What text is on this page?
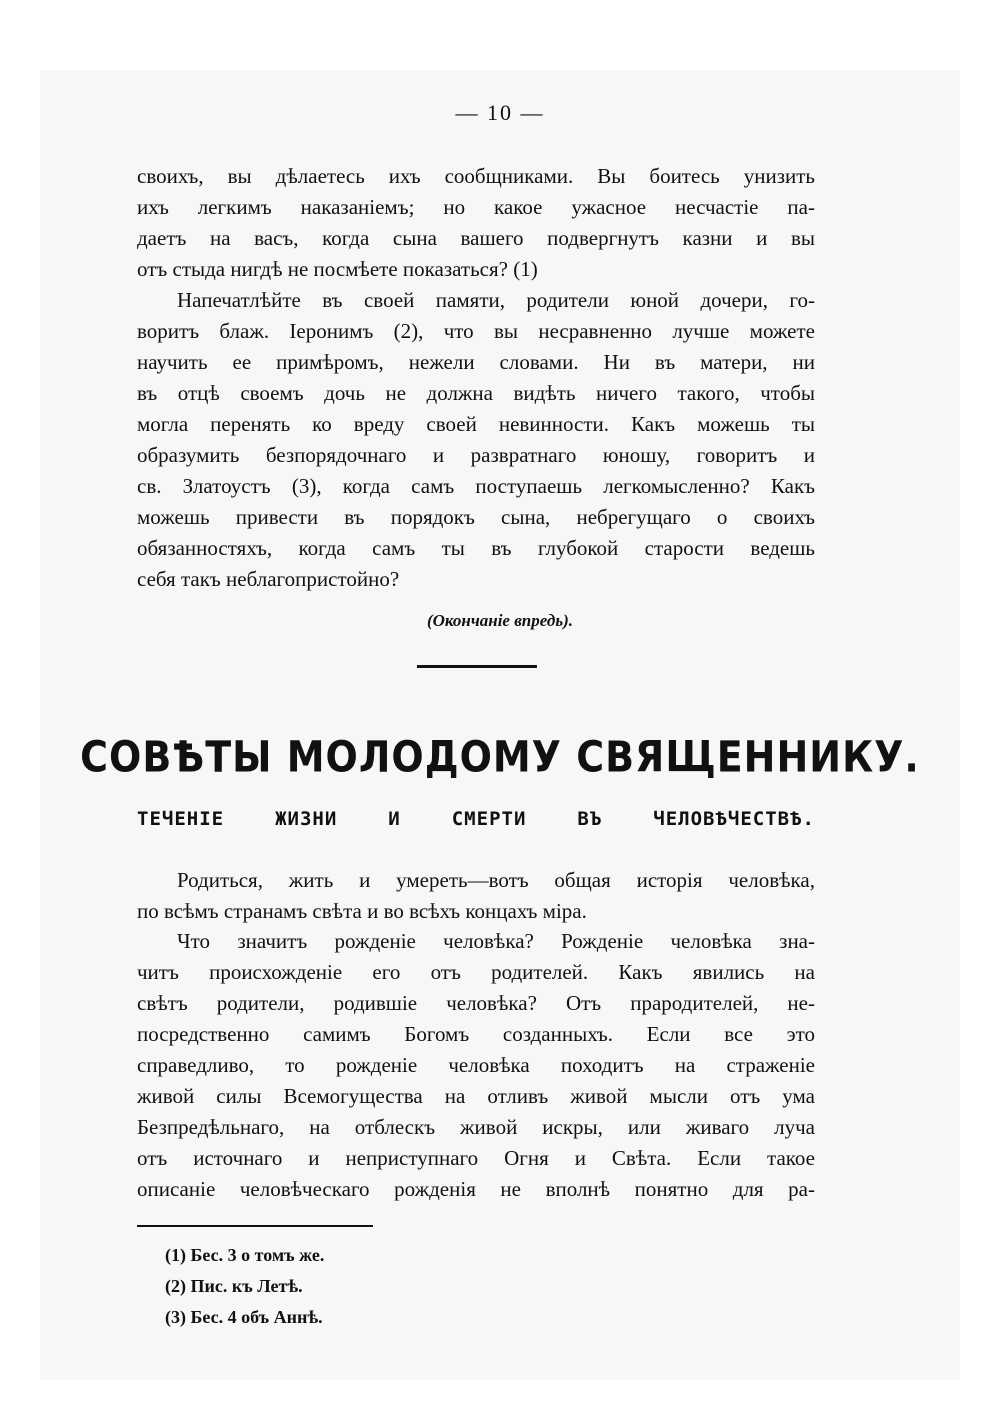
— 10 —
своихъ, вы дѣлаетесь ихъ сообщниками. Вы боитесь унизить
ихъ легкимъ наказаніемъ; но какое ужасное несчастіе па-
даетъ на васъ, когда сына вашего подвергнутъ казни и вы
отъ стыда нигдѣ не посмѣете показаться? (1)
Напечатлѣйте въ своей памяти, родители юной дочери, го-
воритъ блаж. Іеронимъ (2), что вы несравненно лучше можете
научить ее примѣромъ, нежели словами. Ни въ матери, ни
въ отцѣ своемъ дочь не должна видѣть ничего такого, чтобы
могла перенять ко вреду своей невинности. Какъ можешь ты
образумить безпорядочнаго и развратнаго юношу, говоритъ и
св. Златоустъ (3), когда самъ поступаешь легкомысленно? Какъ
можешь привести въ порядокъ сына, небрегущаго о своихъ
обязанностяхъ, когда самъ ты въ глубокой старости ведешь
себя такъ неблагопристойно?
(Окончаніе впредь).
СОВѢТЫ МОЛОДОМУ СВЯЩЕННИКУ.
ТЕЧЕНІЕ ЖИЗНИ И СМЕРТИ ВЪ ЧЕЛОВѢЧЕСТВѢ.
Родиться, жить и умереть—вотъ общая исторія человѣка,
по всѣмъ странамъ свѣта и во всѣхъ концахъ міра.
Что значитъ рожденіе человѣка? Рожденіе человѣка зна-
читъ происхожденіе его отъ родителей. Какъ явились на
свѣтъ родители, родившіе человѣка? Отъ прародителей, не-
посредственно самимъ Богомъ созданныхъ. Если все это
справедливо, то рожденіе человѣка походитъ на страженіе
живой силы Всемогущества на отливъ живой мысли отъ ума
Безпредѣльнаго, на отблескъ живой искры, или живаго луча
отъ источнаго и неприступнаго Огня и Свѣта. Если такое
описаніе человѣческаго рожденія не вполнѣ понятно для ра-
(1) Бес. 3 о томъ же.
(2) Пис. къ Летѣ.
(3) Бес. 4 объ Аннѣ.
